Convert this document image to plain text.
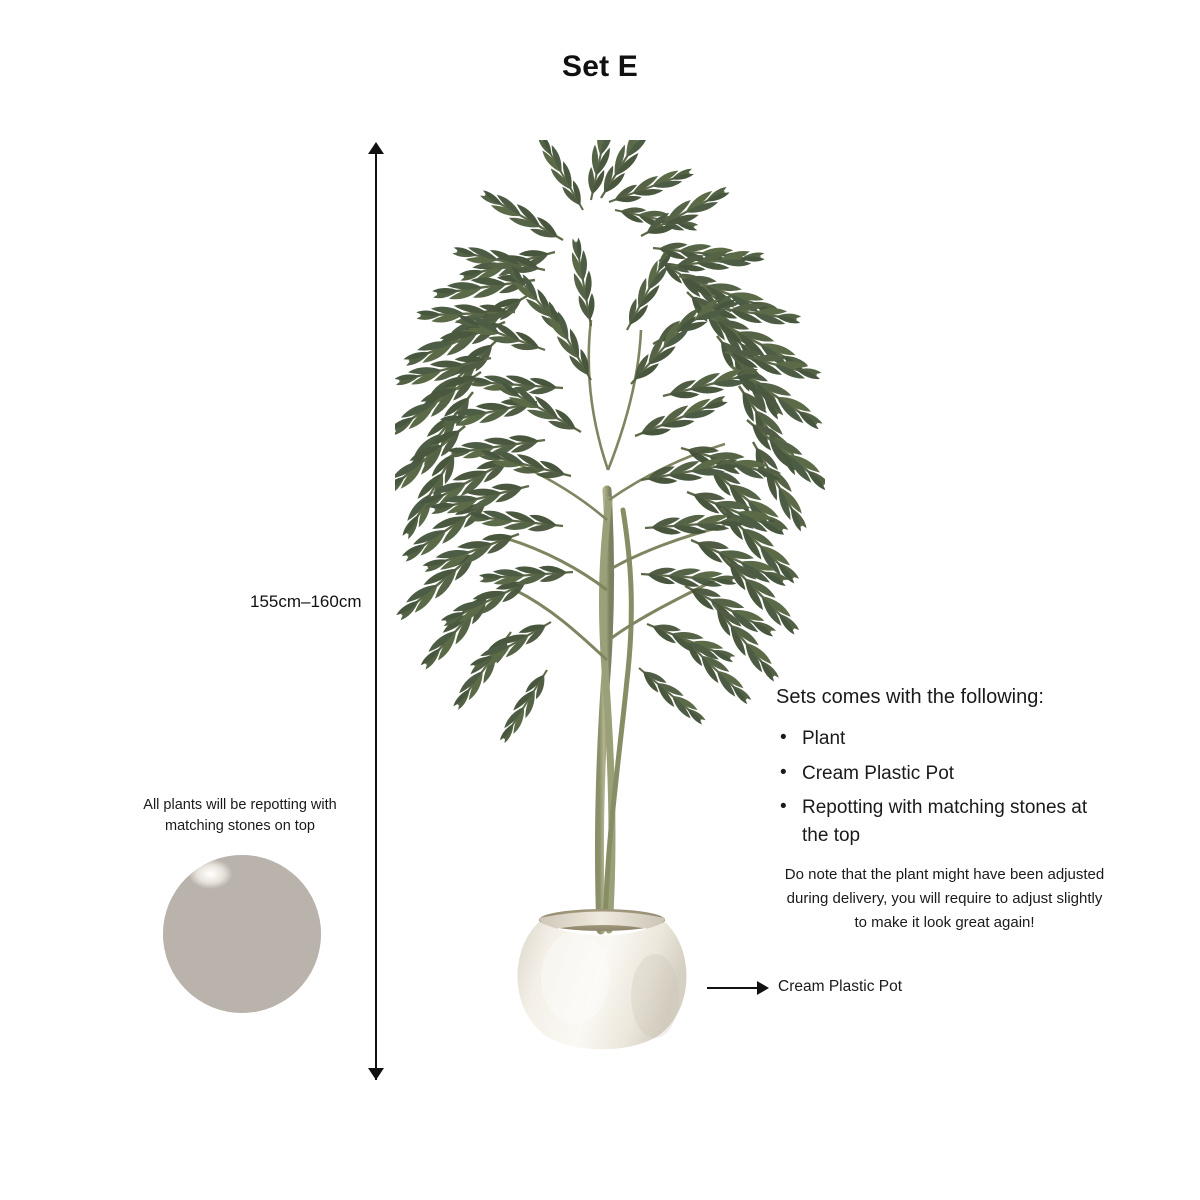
Set E
155cm–160cm
All plants will be repotting with
matching stones on top
Cream Plastic Pot

Sets comes with the following:

• Plant
• Cream Plastic Pot
• Repotting with matching stones at the top
Do note that the plant might have been adjusted during delivery, you will require to adjust slightly to make it look great again!
